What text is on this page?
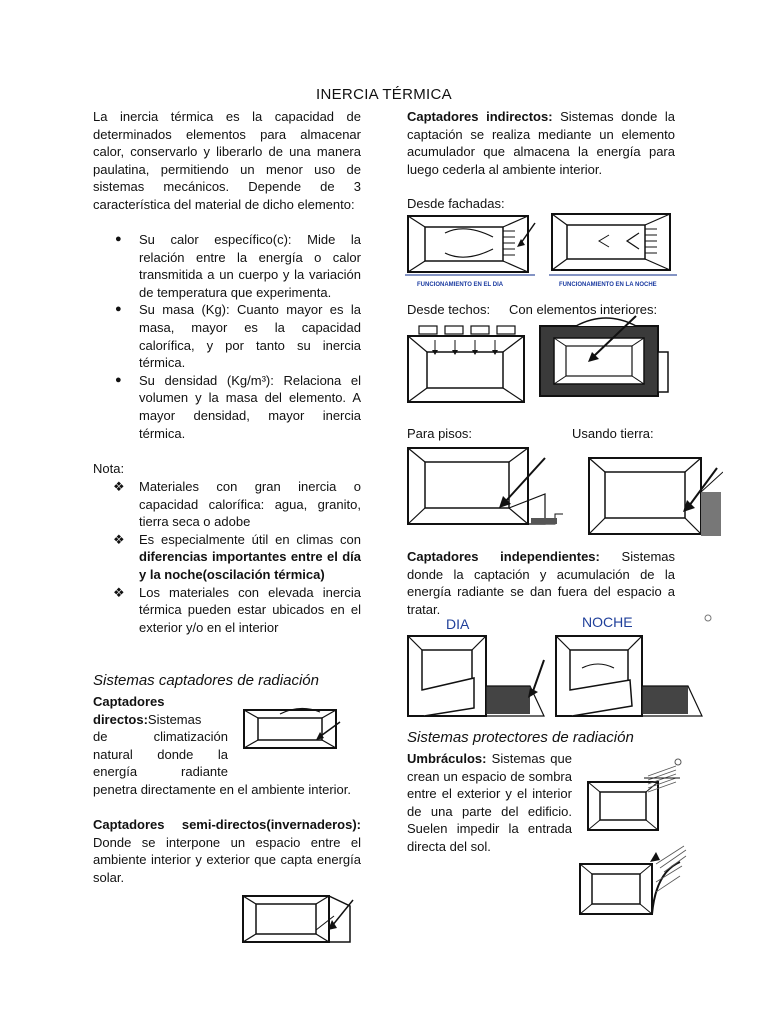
INERCIA TÉRMICA

La inercia térmica es la capacidad de determinados elementos para almacenar calor, conservarlo y liberarlo de una manera paulatina, permitiendo un menor uso de sistemas mecánicos. Depende de 3 característica del material de dicho elemento:

● Su calor específico(c): Mide la relación entre la energía o calor transmitida a un cuerpo y la variación de temperatura que experimenta.

● Su masa (Kg): Cuanto mayor es la masa, mayor es la capacidad calorífica, y por tanto su inercia térmica.

● Su densidad (Kg/m³): Relaciona el volumen y la masa del elemento. A mayor densidad, mayor inercia térmica.

Nota:

❖ Materiales con gran inercia o capacidad calorífica: agua, granito, tierra seca o adobe

❖ Es especialmente útil en climas con diferencias importantes entre el día y la noche(oscilación térmica)

❖ Los materiales con elevada inercia térmica pueden estar ubicados en el exterior y/o en el interior

Sistemas captadores de radiación
Captadores
directos:Sistemas
de climatización
natural donde la
energía radiante

penetra directamente en el ambiente interior.

Captadores semi-directos(invernaderos): Donde se interpone un espacio entre el ambiente interior y exterior que capta energía solar.

Captadores indirectos: Sistemas donde la captación se realiza mediante un elemento acumulador que almacena la energía para luego cederla al ambiente interior.

Desde fachadas:
FUNCIONAMIENTO EN EL DIA	FUNCIONAMIENTO EN LA NOCHE
Desde techos: Con elementos interiores:
Para pisos:	Usando tierra:

Captadores independientes: Sistemas donde la captación y acumulación de la energía radiante se dan fuera del espacio a tratar.

DIA	NOCHE
Sistemas protectores de radiación

Umbráculos: Sistemas que crean un espacio de sombra entre el exterior y el interior de una parte del edificio. Suelen impedir la entrada directa del sol.
